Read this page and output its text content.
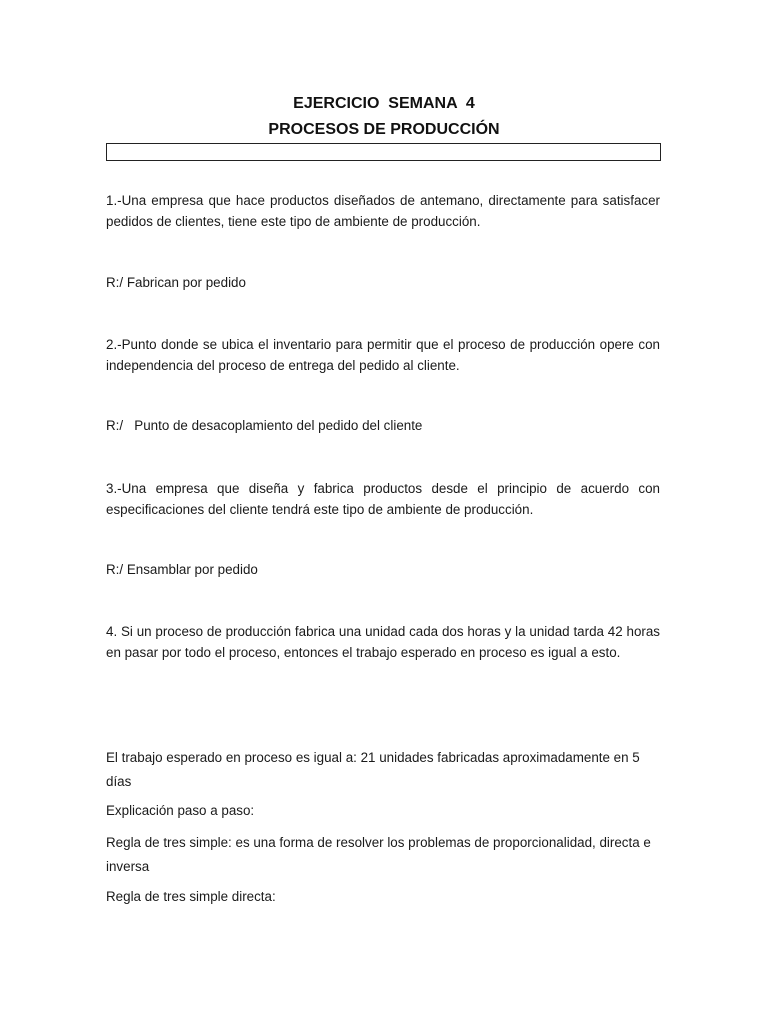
EJERCICIO  SEMANA  4
PROCESOS DE PRODUCCIÓN

1.-Una empresa que hace productos diseñados de antemano, directamente para satisfacer pedidos de clientes, tiene este tipo de ambiente de producción.

R:/ Fabrican por pedido

2.-Punto donde se ubica el inventario para permitir que el proceso de producción opere con independencia del proceso de entrega del pedido al cliente.

R:/   Punto de desacoplamiento del pedido del cliente

3.-Una empresa que diseña y fabrica productos desde el principio de acuerdo con especificaciones del cliente tendrá este tipo de ambiente de producción.

R:/ Ensamblar por pedido

4. Si un proceso de producción fabrica una unidad cada dos horas y la unidad tarda 42 horas en pasar por todo el proceso, entonces el trabajo esperado en proceso es igual a esto.

El trabajo esperado en proceso es igual a: 21 unidades fabricadas aproximadamente en 5 días

Explicación paso a paso:

Regla de tres simple: es una forma de resolver los problemas de proporcionalidad, directa e inversa

Regla de tres simple directa:
